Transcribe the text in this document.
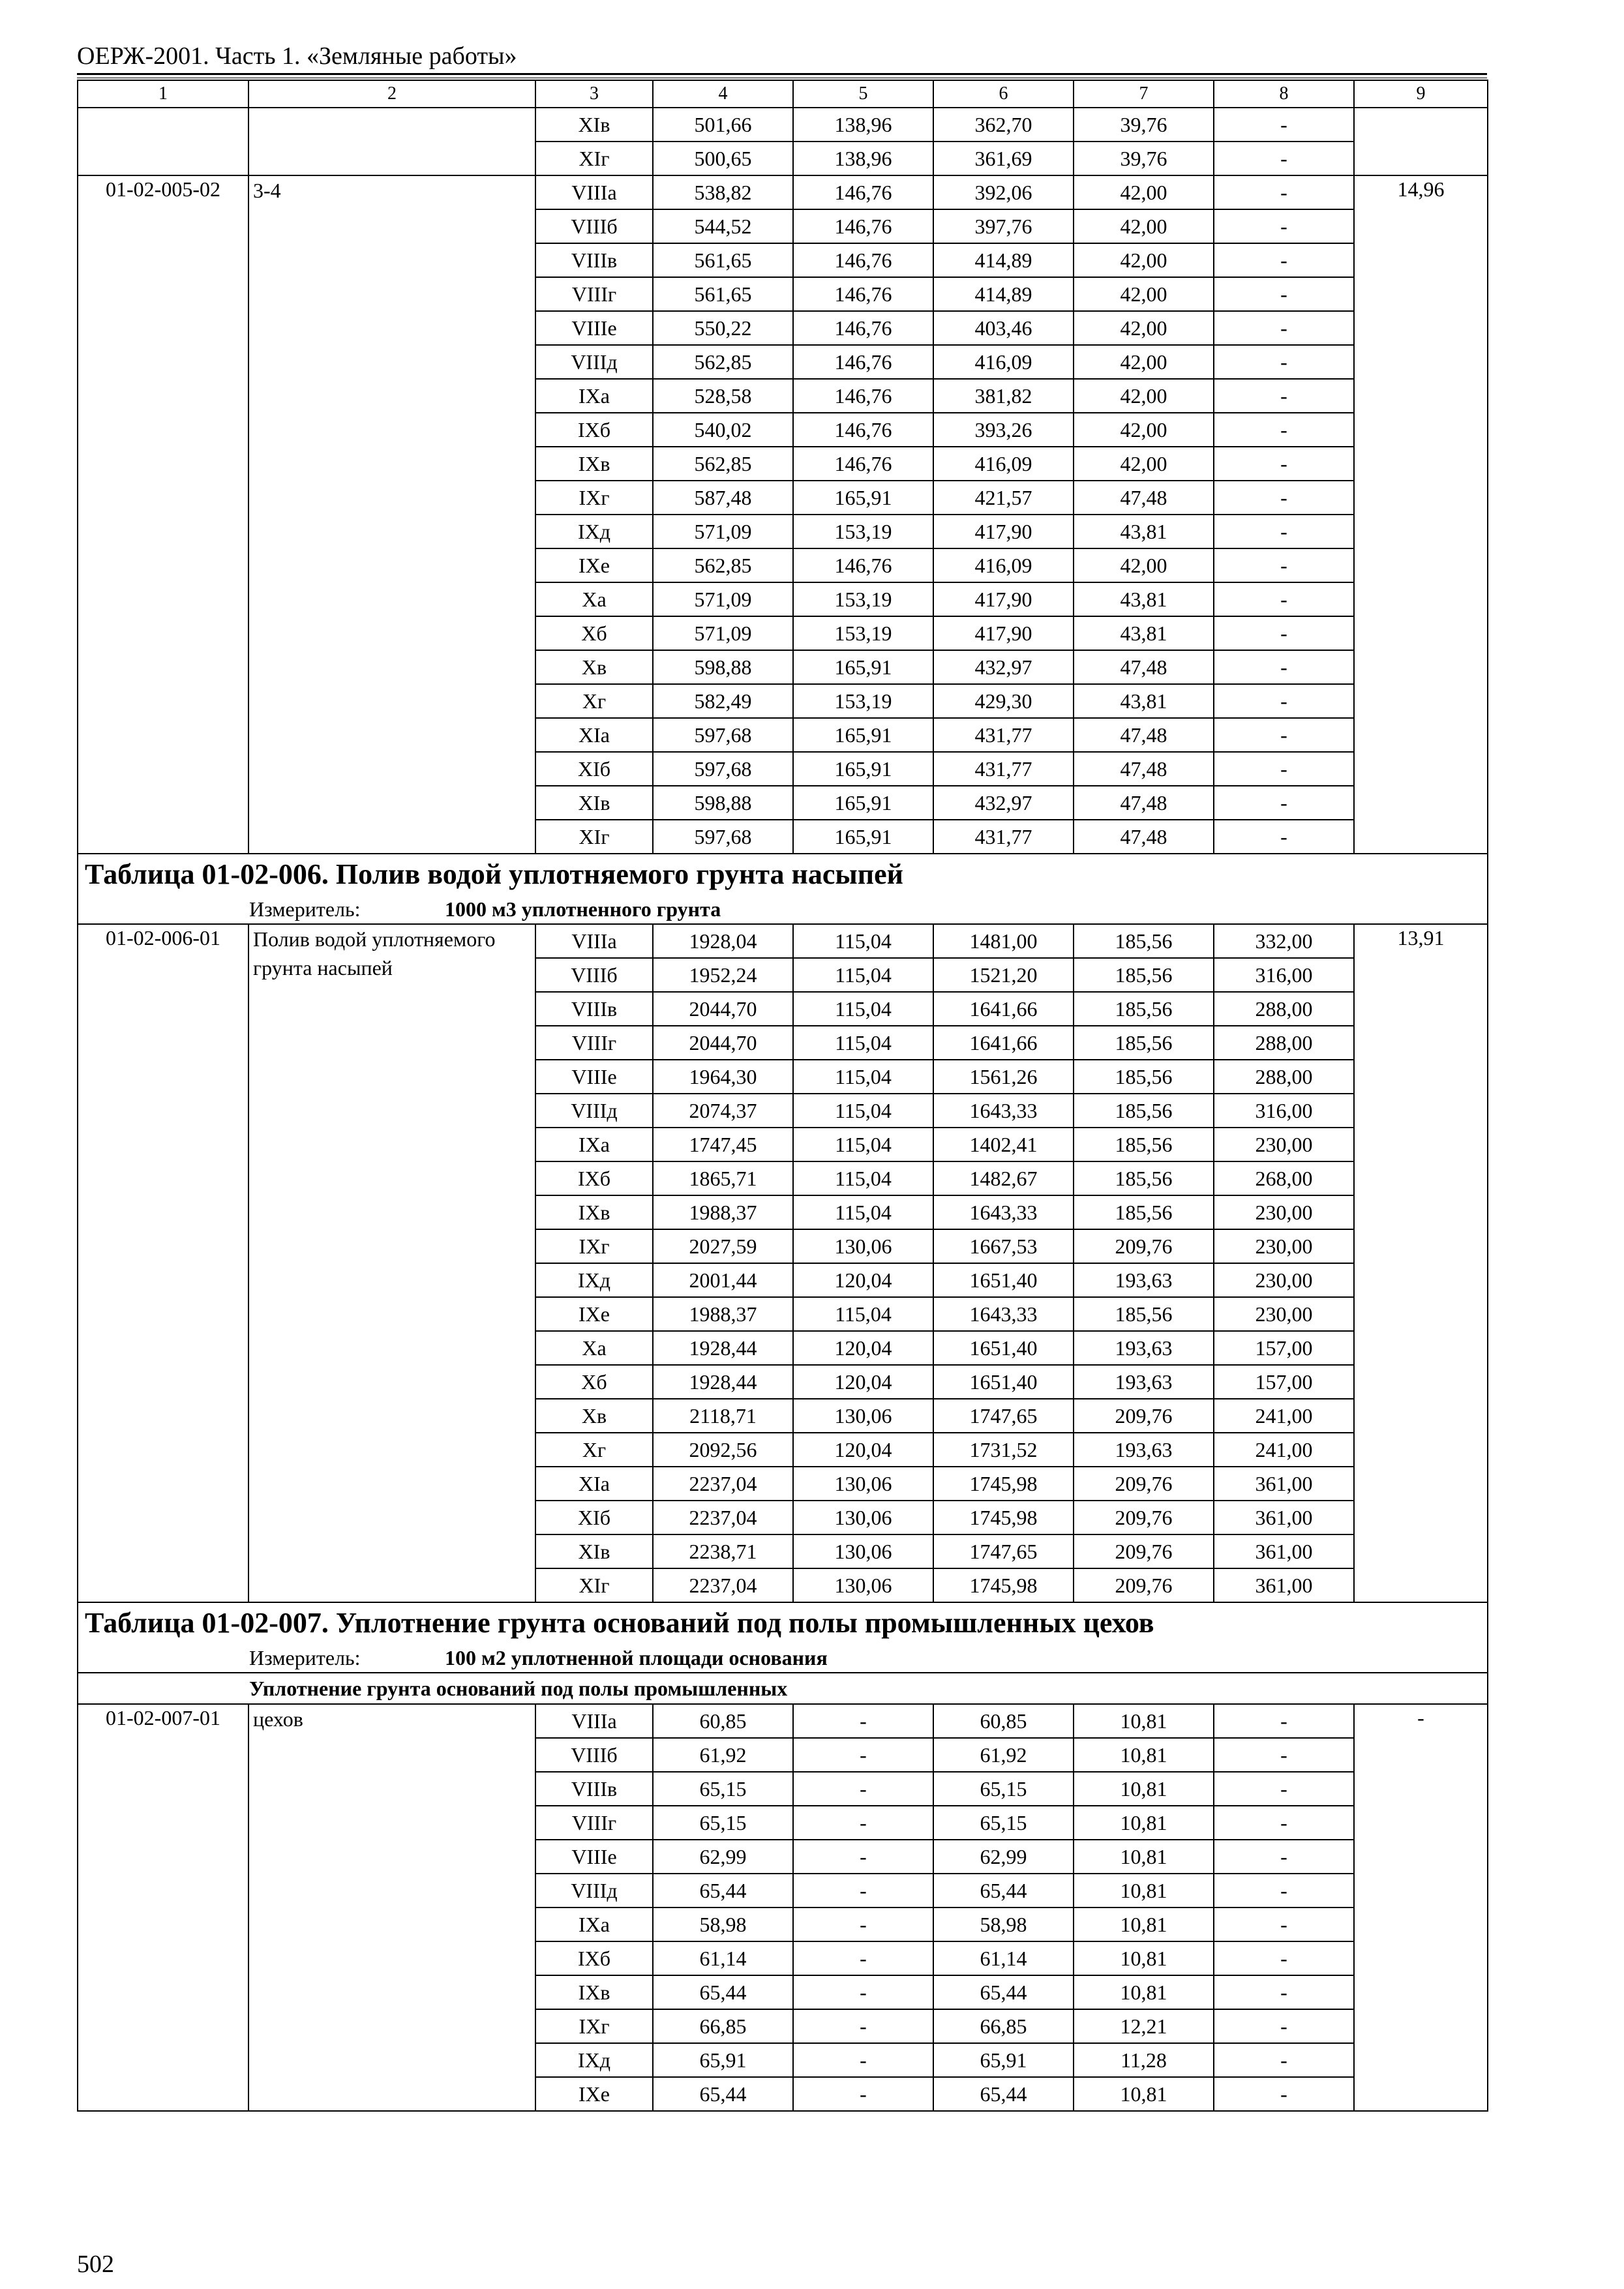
ОЕРЖ-2001. Часть 1. «Земляные работы»
1	2	3	4	5	6	7	8	9
		XIв	501,66	138,96	362,70	39,76	-	
		XIг	500,65	138,96	361,69	39,76	-	
01-02-005-02	3-4	VIIIа	538,82	146,76	392,06	42,00	-	14,96
		VIIIб	544,52	146,76	397,76	42,00	-	
		VIIIв	561,65	146,76	414,89	42,00	-	
		VIIIг	561,65	146,76	414,89	42,00	-	
		VIIIе	550,22	146,76	403,46	42,00	-	
		VIIIд	562,85	146,76	416,09	42,00	-	
		IXа	528,58	146,76	381,82	42,00	-	
		IXб	540,02	146,76	393,26	42,00	-	
		IXв	562,85	146,76	416,09	42,00	-	
		IXг	587,48	165,91	421,57	47,48	-	
		IXд	571,09	153,19	417,90	43,81	-	
		IXе	562,85	146,76	416,09	42,00	-	
		Xа	571,09	153,19	417,90	43,81	-	
		Xб	571,09	153,19	417,90	43,81	-	
		Xв	598,88	165,91	432,97	47,48	-	
		Xг	582,49	153,19	429,30	43,81	-	
		XIа	597,68	165,91	431,77	47,48	-	
		XIб	597,68	165,91	431,77	47,48	-	
		XIв	598,88	165,91	432,97	47,48	-	
		XIг	597,68	165,91	431,77	47,48	-	
Таблица 01-02-006. Полив водой уплотняемого грунта насыпей								
Измеритель: 1000 м3 уплотненного грунта								
01-02-006-01	Полив водой уплотняемого грунта насыпей	VIIIа	1928,04	115,04	1481,00	185,56	332,00	13,91
		VIIIб	1952,24	115,04	1521,20	185,56	316,00	
		VIIIв	2044,70	115,04	1641,66	185,56	288,00	
		VIIIг	2044,70	115,04	1641,66	185,56	288,00	
		VIIIе	1964,30	115,04	1561,26	185,56	288,00	
		VIIIд	2074,37	115,04	1643,33	185,56	316,00	
		IXа	1747,45	115,04	1402,41	185,56	230,00	
		IXб	1865,71	115,04	1482,67	185,56	268,00	
		IXв	1988,37	115,04	1643,33	185,56	230,00	
		IXг	2027,59	130,06	1667,53	209,76	230,00	
		IXд	2001,44	120,04	1651,40	193,63	230,00	
		IXе	1988,37	115,04	1643,33	185,56	230,00	
		Xа	1928,44	120,04	1651,40	193,63	157,00	
		Xб	1928,44	120,04	1651,40	193,63	157,00	
		Xв	2118,71	130,06	1747,65	209,76	241,00	
		Xг	2092,56	120,04	1731,52	193,63	241,00	
		XIа	2237,04	130,06	1745,98	209,76	361,00	
		XIб	2237,04	130,06	1745,98	209,76	361,00	
		XIв	2238,71	130,06	1747,65	209,76	361,00	
		XIг	2237,04	130,06	1745,98	209,76	361,00	
Таблица 01-02-007. Уплотнение грунта оснований под полы промышленных цехов								
Измеритель: 100 м2 уплотненной площади основания								
Уплотнение грунта оснований под полы промышленных								
01-02-007-01	цехов	VIIIа	60,85	-	60,85	10,81	-	-
		VIIIб	61,92	-	61,92	10,81	-	
		VIIIв	65,15	-	65,15	10,81	-	
		VIIIг	65,15	-	65,15	10,81	-	
		VIIIе	62,99	-	62,99	10,81	-	
		VIIIд	65,44	-	65,44	10,81	-	
		IXа	58,98	-	58,98	10,81	-	
		IXб	61,14	-	61,14	10,81	-	
		IXв	65,44	-	65,44	10,81	-	
		IXг	66,85	-	66,85	12,21	-	
		IXд	65,91	-	65,91	11,28	-	
		IXе	65,44	-	65,44	10,81	-	
502
